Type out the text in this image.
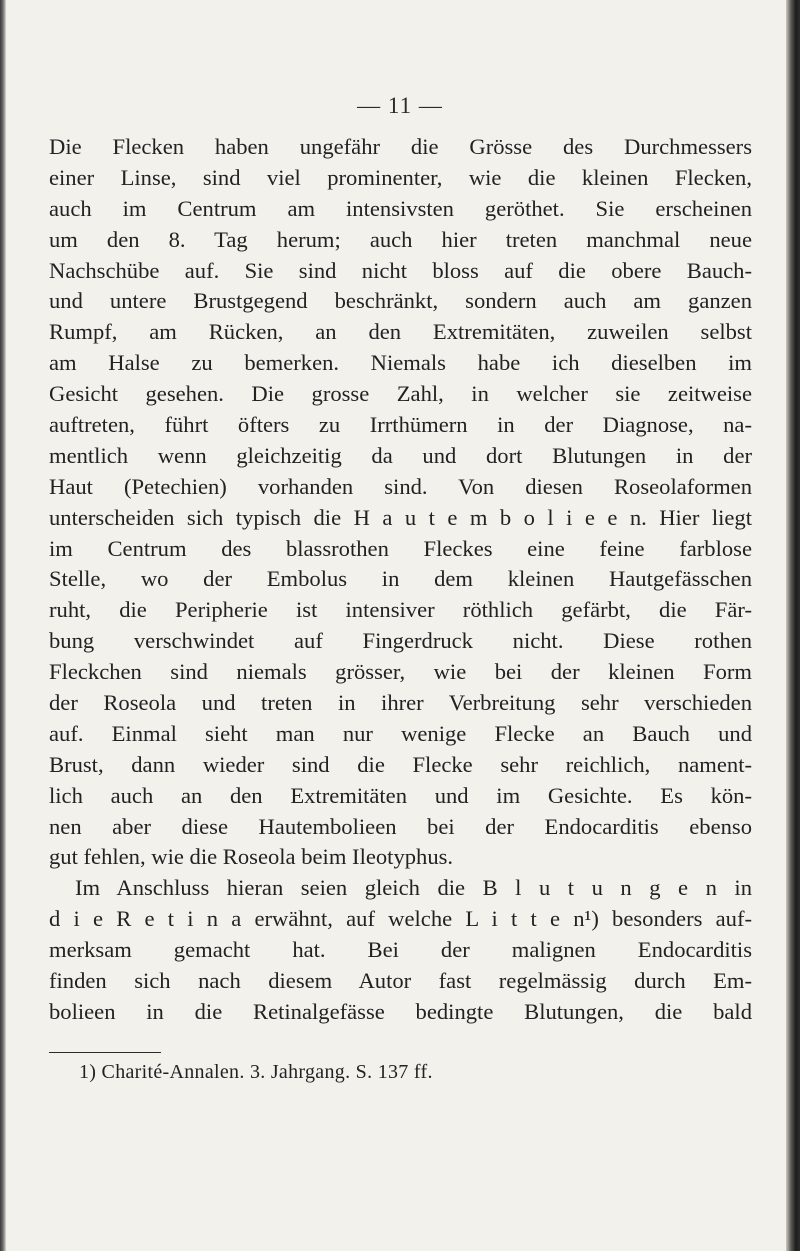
— 11 —
Die Flecken haben ungefähr die Grösse des Durchmessers
einer Linse, sind viel prominenter, wie die kleinen Flecken,
auch im Centrum am intensivsten geröthet. Sie erscheinen
um den 8. Tag herum; auch hier treten manchmal neue
Nachschübe auf. Sie sind nicht bloss auf die obere Bauch-
und untere Brustgegend beschränkt, sondern auch am ganzen
Rumpf, am Rücken, an den Extremitäten, zuweilen selbst
am Halse zu bemerken. Niemals habe ich dieselben im
Gesicht gesehen. Die grosse Zahl, in welcher sie zeitweise
auftreten, führt öfters zu Irrthümern in der Diagnose, na-
mentlich wenn gleichzeitig da und dort Blutungen in der
Haut (Petechien) vorhanden sind. Von diesen Roseolaformen
unterscheiden sich typisch die H a u t e m b o l i e e n. Hier liegt
im Centrum des blassrothen Fleckes eine feine farblose
Stelle, wo der Embolus in dem kleinen Hautgefässchen
ruht, die Peripherie ist intensiver röthlich gefärbt, die Fär-
bung verschwindet auf Fingerdruck nicht. Diese rothen
Fleckchen sind niemals grösser, wie bei der kleinen Form
der Roseola und treten in ihrer Verbreitung sehr verschieden
auf. Einmal sieht man nur wenige Flecke an Bauch und
Brust, dann wieder sind die Flecke sehr reichlich, nament-
lich auch an den Extremitäten und im Gesichte. Es kön-
nen aber diese Hautembolieen bei der Endocarditis ebenso
gut fehlen, wie die Roseola beim Ileotyphus.
Im Anschluss hieran seien gleich die B l u t u n g e n in
d i e R e t i n a erwähnt, auf welche L i t t e n¹) besonders auf-
merksam gemacht hat. Bei der malignen Endocarditis
finden sich nach diesem Autor fast regelmässig durch Em-
bolieen in die Retinalgefässe bedingte Blutungen, die bald
1) Charité-Annalen. 3. Jahrgang. S. 137 ff.
